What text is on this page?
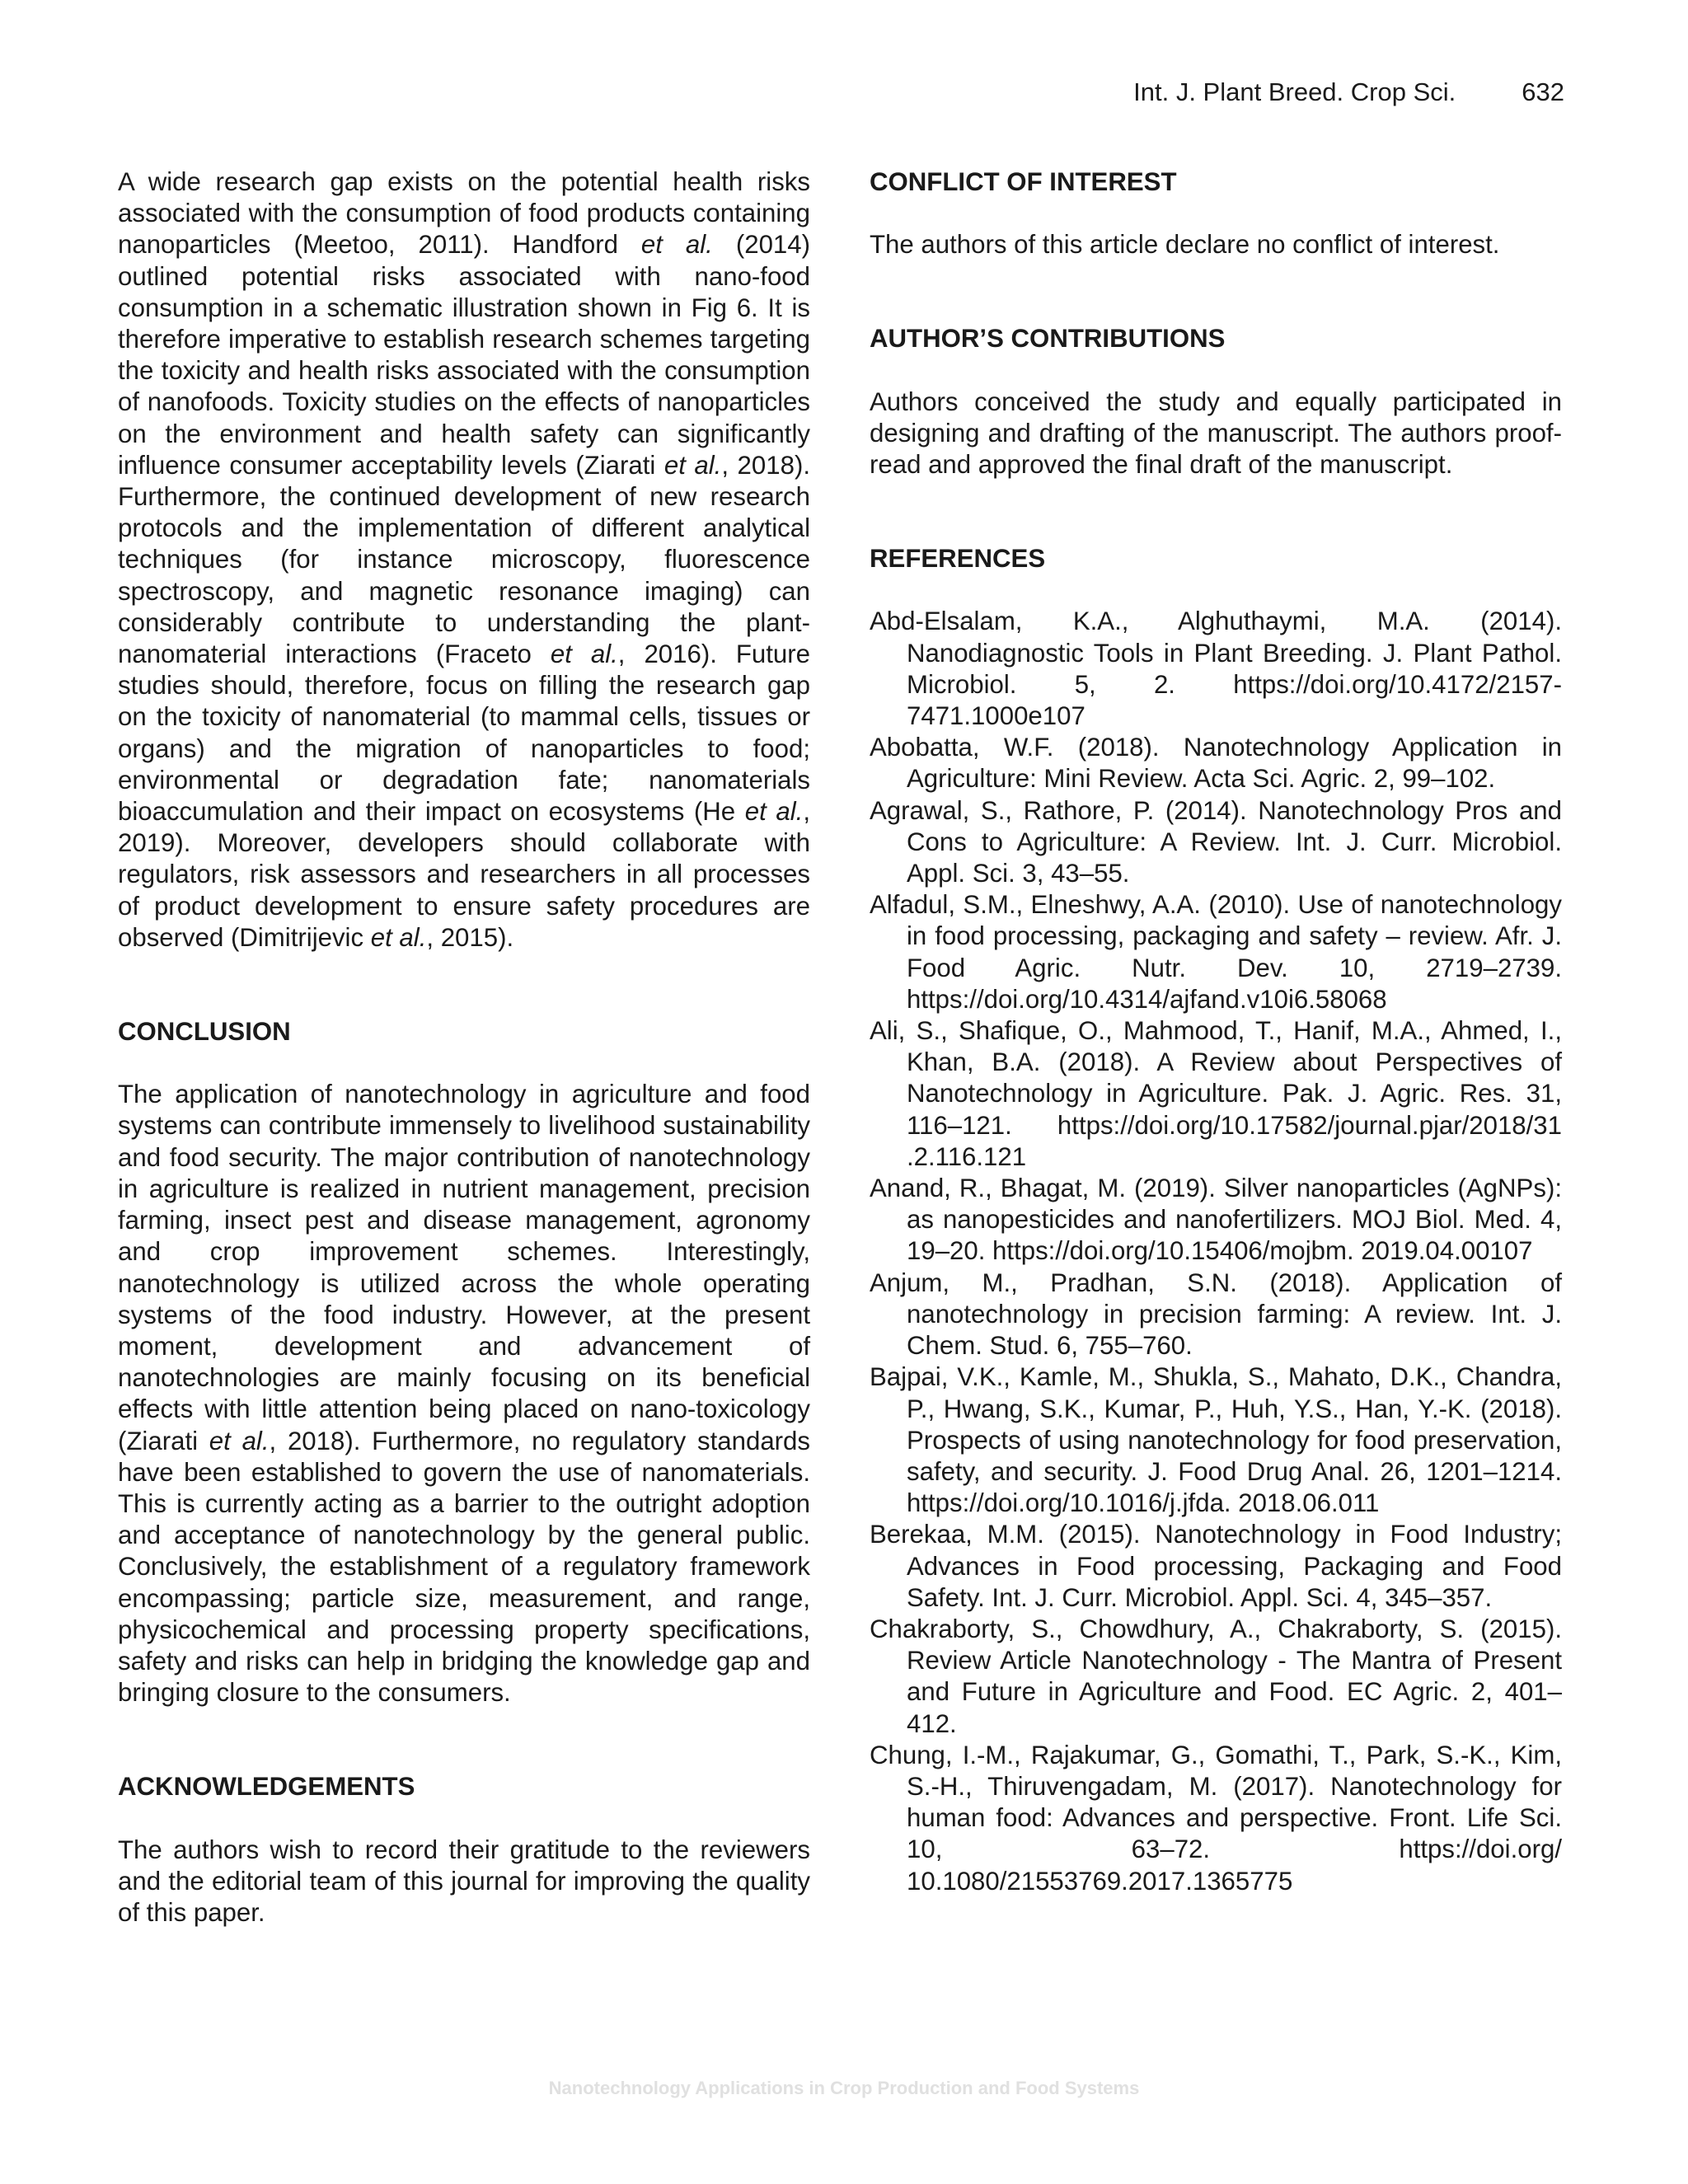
Int. J. Plant Breed. Crop Sci.	632

A wide research gap exists on the potential health risks associated with the consumption of food products containing nanoparticles (Meetoo, 2011). Handford et al. (2014) outlined potential risks associated with nano-food consumption in a schematic illustration shown in Fig 6. It is therefore imperative to establish research schemes targeting the toxicity and health risks associated with the consumption of nanofoods. Toxicity studies on the effects of nanoparticles on the environment and health safety can significantly influence consumer acceptability levels (Ziarati et al., 2018). Furthermore, the continued development of new research protocols and the implementation of different analytical techniques (for instance microscopy, fluorescence spectroscopy, and magnetic resonance imaging) can considerably contribute to understanding the plant-nanomaterial interactions (Fraceto et al., 2016). Future studies should, therefore, focus on filling the research gap on the toxicity of nanomaterial (to mammal cells, tissues or organs) and the migration of nanoparticles to food; environmental or degradation fate; nanomaterials bioaccumulation and their impact on ecosystems (He et al., 2019). Moreover, developers should collaborate with regulators, risk assessors and researchers in all processes of product development to ensure safety procedures are observed (Dimitrijevic et al., 2015).

CONCLUSION

The application of nanotechnology in agriculture and food systems can contribute immensely to livelihood sustainability and food security. The major contribution of nanotechnology in agriculture is realized in nutrient management, precision farming, insect pest and disease management, agronomy and crop improvement schemes. Interestingly, nanotechnology is utilized across the whole operating systems of the food industry. However, at the present moment, development and advancement of nanotechnologies are mainly focusing on its beneficial effects with little attention being placed on nano-toxicology (Ziarati et al., 2018). Furthermore, no regulatory standards have been established to govern the use of nanomaterials. This is currently acting as a barrier to the outright adoption and acceptance of nanotechnology by the general public. Conclusively, the establishment of a regulatory framework encompassing; particle size, measurement, and range, physicochemical and processing property specifications, safety and risks can help in bridging the knowledge gap and bringing closure to the consumers.

ACKNOWLEDGEMENTS

The authors wish to record their gratitude to the reviewers and the editorial team of this journal for improving the quality of this paper.

CONFLICT OF INTEREST

The authors of this article declare no conflict of interest.

AUTHOR’S CONTRIBUTIONS

Authors conceived the study and equally participated in designing and drafting of the manuscript. The authors proof-read and approved the final draft of the manuscript.

REFERENCES
Abd-Elsalam, K.A., Alghuthaymi, M.A. (2014). Nanodiagnostic Tools in Plant Breeding. J. Plant Pathol. Microbiol. 5, 2. https://doi.org/10.4172/2157-7471.1000e107
Abobatta, W.F. (2018). Nanotechnology Application in Agriculture: Mini Review. Acta Sci. Agric. 2, 99–102.
Agrawal, S., Rathore, P. (2014). Nanotechnology Pros and Cons to Agriculture: A Review. Int. J. Curr. Microbiol. Appl. Sci. 3, 43–55.
Alfadul, S.M., Elneshwy, A.A. (2010). Use of nanotechnology in food processing, packaging and safety – review. Afr. J. Food Agric. Nutr. Dev. 10, 2719–2739. https://doi.org/10.4314/ajfand.v10i6.58068
Ali, S., Shafique, O., Mahmood, T., Hanif, M.A., Ahmed, I., Khan, B.A. (2018). A Review about Perspectives of Nanotechnology in Agriculture. Pak. J. Agric. Res. 31, 116–121. https://doi.org/10.17582/journal.pjar/2018/31 .2.116.121
Anand, R., Bhagat, M. (2019). Silver nanoparticles (AgNPs): as nanopesticides and nanofertilizers. MOJ Biol. Med. 4, 19–20. https://doi.org/10.15406/mojbm. 2019.04.00107
Anjum, M., Pradhan, S.N. (2018). Application of nanotechnology in precision farming: A review. Int. J. Chem. Stud. 6, 755–760.
Bajpai, V.K., Kamle, M., Shukla, S., Mahato, D.K., Chandra, P., Hwang, S.K., Kumar, P., Huh, Y.S., Han, Y.-K. (2018). Prospects of using nanotechnology for food preservation, safety, and security. J. Food Drug Anal. 26, 1201–1214. https://doi.org/10.1016/j.jfda. 2018.06.011
Berekaa, M.M. (2015). Nanotechnology in Food Industry; Advances in Food processing, Packaging and Food Safety. Int. J. Curr. Microbiol. Appl. Sci. 4, 345–357.
Chakraborty, S., Chowdhury, A., Chakraborty, S. (2015). Review Article Nanotechnology - The Mantra of Present and Future in Agriculture and Food. EC Agric. 2, 401–412.
Chung, I.-M., Rajakumar, G., Gomathi, T., Park, S.-K., Kim, S.-H., Thiruvengadam, M. (2017). Nanotechnology for human food: Advances and perspective. Front. Life Sci. 10, 63–72. https://doi.org/ 10.1080/21553769.2017.1365775
Nanotechnology Applications in Crop Production and Food Systems
